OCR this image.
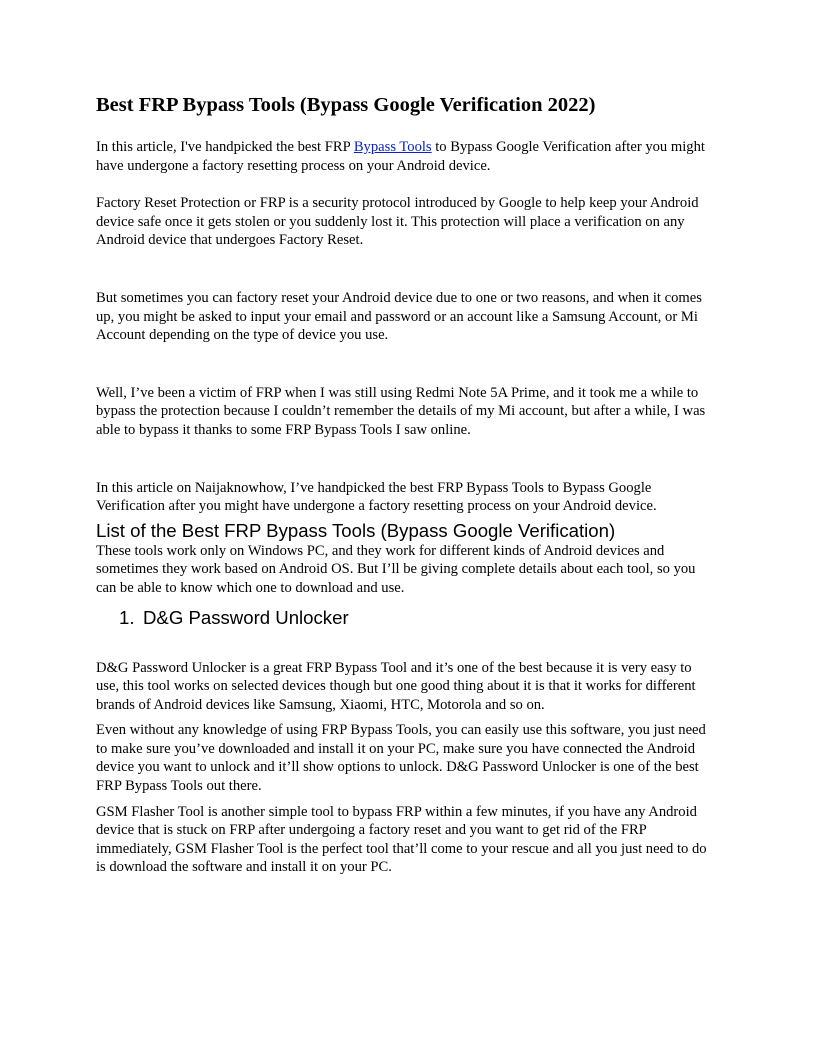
Best FRP Bypass Tools (Bypass Google Verification 2022)

In this article, I've handpicked the best FRP Bypass Tools to Bypass Google Verification after you might have undergone a factory resetting process on your Android device.

Factory Reset Protection or FRP is a security protocol introduced by Google to help keep your Android device safe once it gets stolen or you suddenly lost it. This protection will place a verification on any Android device that undergoes Factory Reset.

But sometimes you can factory reset your Android device due to one or two reasons, and when it comes up, you might be asked to input your email and password or an account like a Samsung Account, or Mi Account depending on the type of device you use.

Well, I’ve been a victim of FRP when I was still using Redmi Note 5A Prime, and it took me a while to bypass the protection because I couldn’t remember the details of my Mi account, but after a while, I was able to bypass it thanks to some FRP Bypass Tools I saw online.

In this article on Naijaknowhow, I’ve handpicked the best FRP Bypass Tools to Bypass Google Verification after you might have undergone a factory resetting process on your Android device.

List of the Best FRP Bypass Tools (Bypass Google Verification)

These tools work only on Windows PC, and they work for different kinds of Android devices and sometimes they work based on Android OS. But I’ll be giving complete details about each tool, so you can be able to know which one to download and use.

1. D&G Password Unlocker

D&G Password Unlocker is a great FRP Bypass Tool and it’s one of the best because it is very easy to use, this tool works on selected devices though but one good thing about it is that it works for different brands of Android devices like Samsung, Xiaomi, HTC, Motorola and so on.

Even without any knowledge of using FRP Bypass Tools, you can easily use this software, you just need to make sure you’ve downloaded and install it on your PC, make sure you have connected the Android device you want to unlock and it’ll show options to unlock. D&G Password Unlocker is one of the best FRP Bypass Tools out there.

GSM Flasher Tool is another simple tool to bypass FRP within a few minutes, if you have any Android device that is stuck on FRP after undergoing a factory reset and you want to get rid of the FRP immediately, GSM Flasher Tool is the perfect tool that’ll come to your rescue and all you just need to do is download the software and install it on your PC.
